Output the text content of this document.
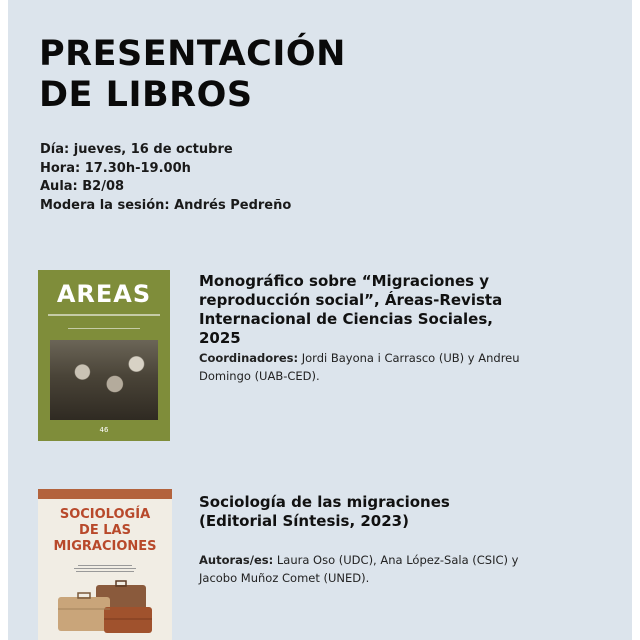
PRESENTACIÓN
DE LIBROS
Día: jueves, 16 de octubre
Hora: 17.30h-19.00h
Aula: B2/08
Modera la sesión: Andrés Pedreño
AREAS
46

Monográfico sobre “Migraciones y reproducción social”, Áreas-Revista Internacional de Ciencias Sociales, 2025

Coordinadores: Jordi Bayona i Carrasco (UB) y Andreu Domingo (UAB-CED).

SOCIOLOGÍA
DE LAS
MIGRACIONES

Sociología de las migraciones (Editorial Síntesis, 2023)

Autoras/es: Laura Oso (UDC), Ana López-Sala (CSIC) y Jacobo Muñoz Comet (UNED).
